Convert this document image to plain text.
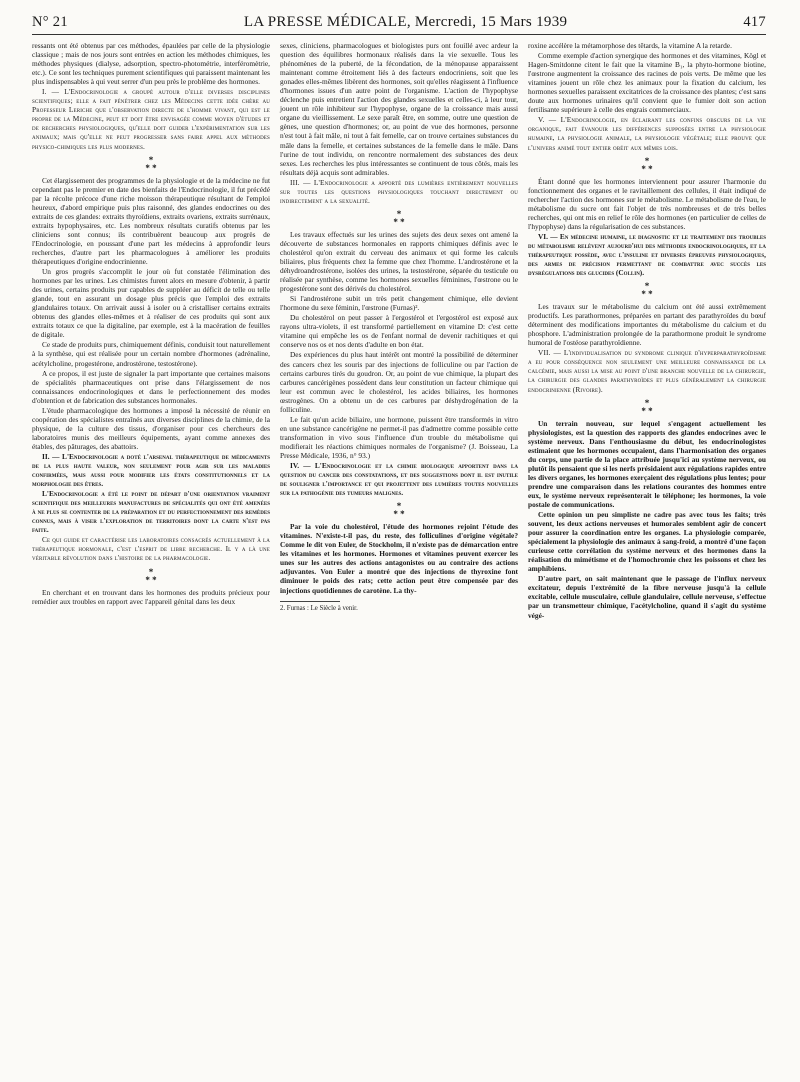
N° 21	LA PRESSE MÉDICALE, Mercredi, 15 Mars 1939	417

ressants ont été obtenus par ces méthodes, épaulées par celle de la physiologie classique ; mais de nos jours sont entrées en action les méthodes chimiques, les méthodes physiques (dialyse, adsorption, spectro-photométrie, interféromètrie, etc.). Ce sont les techniques purement scientifiques qui paraissent maintenant les plus indispensables à qui veut serrer d'un peu près le problème des hormones.

I. — L'Endocrinologie a groupé autour d'elle diverses disciplines scientifiques; elle a fait pénétrer chez les Médecins cette idée chère au Professeur Leriche que l'observation directe de l'homme vivant, qui est le propre de la Médecine, peut et doit être envisagée comme moyen d'études et de recherches physiologiques, qu'elle doit guider l'expérimentation sur les animaux; mais qu'elle ne peut progresser sans faire appel aux méthodes physico-chimiques les plus modernes.

*
* *

Cet élargissement des programmes de la physiologie et de la médecine ne fut cependant pas le premier en date des bienfaits de l'Endocrinologie, il fut précédé par la récolte précoce d'une riche moisson thérapeutique résultant de l'emploi heureux, d'abord empirique puis plus raisonné, des glandes endocrines ou des extraits de ces glandes: extraits thyroïdiens, extraits ovariens, extraits surrénaux, extraits hypophysaires, etc. Les nombreux résultats curatifs obtenus par les cliniciens sont connus; ils contribuèrent beaucoup aux progrès de l'Endocrinologie, en poussant d'une part les médecins à approfondir leurs recherches, d'autre part les pharmacologues à améliorer les produits thérapeutiques d'origine endocrinienne.

Un gros progrès s'accomplit le jour où fut constatée l'élimination des hormones par les urines. Les chimistes furent alors en mesure d'obtenir, à partir des urines, certains produits pur capables de suppléer au déficit de telle ou telle glande, tout en assurant un dosage plus précis que l'emploi des extraits glandulaires totaux. On arrivait aussi à isoler ou à cristalliser certains extraits obtenus des glandes elles-mêmes et à réaliser de ces produits qui sont aux extraits totaux ce que la digitaline, par exemple, est à la macération de feuilles de digitale.

Ce stade de produits purs, chimiquement définis, conduisit tout naturellement à la synthèse, qui est réalisée pour un certain nombre d'hormones (adrénaline, acétylcholine, progestérone, androstérone, testostérone).

A ce propos, il est juste de signaler la part importante que certaines maisons de spécialités pharmaceutiques ont prise dans l'élargissement de nos connaissances endocrinologiques et dans le perfectionnement des modes d'obtention et de fabrication des substances hormonales.

L'étude pharmacologique des hormones a imposé la nécessité de réunir en coopération des spécialistes entraînés aux diverses disciplines de la chimie, de la physique, de la culture des tissus, d'organiser pour ces chercheurs des laboratoires munis des meilleurs équipements, ayant comme annexes des étables, des pâturages, des abattoirs.

II. — L'Endocrinologie a doté l'arsenal thérapeutique de médicaments de la plus haute valeur, non seulement pour agir sur les maladies confirmées, mais aussi pour modifier les états constitutionnels et la morphologie des êtres.

L'Endocrinologie a été le point de départ d'une orientation vraiment scientifique des meilleures manufactures de spécialités qui ont été amenées à ne plus se contenter de la préparation et du perfectionnement des remèdes connus, mais à viser l'exploration de territoires dont la carte n'est pas faite.

Ce qui guide et caractérise les laboratoires consacrés actuellement à la thérapeutique hormonale, c'est l'esprit de libre recherche. Il y a là une véritable révolution dans l'histoire de la pharmacologie.

*
* *

En cherchant et en trouvant dans les hormones des produits précieux pour remédier aux troubles en rapport avec l'appareil génital dans les deux

sexes, cliniciens, pharmacologues et biologistes purs ont fouillé avec ardeur la question des équilibres hormonaux réalisés dans la vie sexuelle. Tous les phénomènes de la puberté, de la fécondation, de la ménopause apparaissent maintenant comme étroitement liés à des facteurs endocriniens, soit que les gonades elles-mêmes libèrent des hormones, soit qu'elles réagissent à l'influence d'hormones issues d'un autre point de l'organisme. L'action de l'hypophyse déclenche puis entretient l'action des glandes sexuelles et celles-ci, à leur tour, jouent un rôle inhibiteur sur l'hypophyse, organe de la croissance mais aussi organe du vieillissement. Le sexe paraît être, en somme, outre une question de gènes, une question d'hormones; or, au point de vue des hormones, personne n'est tout à fait mâle, ni tout à fait femelle, car on trouve certaines substances du mâle dans la femelle, et certaines substances de la femelle dans le mâle. Dans l'urine de tout individu, on rencontre normalement des substances des deux sexes. Les recherches les plus intéressantes se continuent de tous côtés, mais les résultats déjà acquis sont admirables.

III. — L'Endocrinologie a apporté des lumières entièrement nouvelles sur toutes les questions physiologiques touchant directement ou indirectement a la sexualité.

*
* *

Les travaux effectués sur les urines des sujets des deux sexes ont amené la découverte de substances hormonales en rapports chimiques définis avec le cholestérol qu'on extrait du cerveau des animaux et qui forme les calculs biliaires, plus fréquents chez la femme que chez l'homme. L'androstérone et la déhydroandrostérone, isolées des urines, la testostérone, séparée du testicule ou réalisée par synthèse, comme les hormones sexuelles féminines, l'œstrone ou le progestérone sont des dérivés du cholestérol.

Si l'androstérone subit un très petit changement chimique, elle devient l'hormone du sexe féminin, l'œstrone (Furnas)².

Du cholestérol on peut passer à l'ergostérol et l'ergostérol est exposé aux rayons ultra-violets, il est transformé partiellement en vitamine D: c'est cette vitamine qui empêche les os de l'enfant normal de devenir rachitiques et qui conserve nos os et nos dents d'adulte en bon état.

Des expériences du plus haut intérêt ont montré la possibilité de déterminer des cancers chez les souris par des injections de folliculine ou par l'action de certains carbures tirés du goudron. Or, au point de vue chimique, la plupart des carbures cancérigènes possèdent dans leur constitution un facteur chimique qui leur est commun avec le cholestérol, les acides biliaires, les hormones œstrogènes. On a obtenu un de ces carbures par déshydrogénation de la folliculine.

Le fait qu'un acide biliaire, une hormone, puissent être transformés in vitro en une substance cancérigène ne permet-il pas d'admettre comme possible cette transformation in vivo sous l'influence d'un trouble du métabolisme qui modifierait les réactions chimiques normales de l'organisme? (J. Boisseau, La Presse Médicale, 1936, n° 93.)

IV. — L'Endocrinologie et la chimie biologique apportent dans la question du cancer des constatations, et des suggestions dont il est inutile de souligner l'importance et qui projettent des lumières toutes nouvelles sur la pathogénie des tumeurs malignes.

*
* *

Par la voie du cholestérol, l'étude des hormones rejoint l'étude des vitamines. N'existe-t-il pas, du reste, des folliculines d'origine végétale? Comme le dit von Euler, de Stockholm, il n'existe pas de démarcation entre les vitamines et les hormones. Hormones et vitamines peuvent exercer les unes sur les autres des actions antagonistes ou au contraire des actions adjuvantes. Von Euler a montré que des injections de thyroxine font diminuer le poids des rats; cette action peut être compensée par des injections quotidiennes de carotène. La thy-

2. Furnas : Le Siècle à venir.

roxine accélère la métamorphose des têtards, la vitamine A la retarde.

Comme exemple d'action synergique des hormones et des vitamines, Kögl et Hagen-Smitdonne citent le fait que la vitamine B₁, la phyto-hormone biotine, l'œstrone augmentent la croissance des racines de pois verts. De même que les vitamines jouent un rôle chez les animaux pour la fixation du calcium, les hormones sexuelles paraissent excitatrices de la croissance des plantes; c'est sans doute aux hormones urinaires qu'il convient que le fumier doit son action fertilisante supérieure à celle des engrais commerciaux.

V. — L'Endocrinologie, en éclairant les confins obscurs de la vie organique, fait évanouir les différences supposées entre la physiologie humaine, la physiologie animale, la physiologie végétale; elle prouve que l'univers animé tout entier obéit aux mêmes lois.

*
* *

Étant donné que les hormones interviennent pour assurer l'harmonie du fonctionnement des organes et le ravitaillement des cellules, il était indiqué de rechercher l'action des hormones sur le métabolisme. Le métabolisme de l'eau, le métabolisme du sucre ont fait l'objet de très nombreuses et de très belles recherches, qui ont mis en relief le rôle des hormones (en particulier de celles de l'hypophyse) dans la régularisation de ces substances.

VI. — En médecine humaine, le diagnostic et le traitement des troubles du métabolisme relèvent aujourd'hui des méthodes endocrinologiques, et la thérapeutique possède, avec l'insuline et diverses épreuves physiologiques, des armes de précision permettant de combattre avec succès les dysrégulations des glucides (Collin).

*
* *

Les travaux sur le métabolisme du calcium ont été aussi extrêmement productifs. Les parathormones, préparées en partant des parathyroïdes du bœuf déterminent des modifications importantes du métabolisme du calcium et du phosphore. L'administration prolongée de la parathormone produit le syndrome humoral de l'ostéose parathyroïdienne.

VII. — L'individualisation du syndrome clinique d'hyperparathyroïdisme a eu pour conséquence non seulement une meilleure connaissance de la calcémie, mais aussi la mise au point d'une branche nouvelle de la chirurgie, la chirurgie des glandes parathyroïdes et plus généralement la chirurgie endocrinienne (Rivoire).

*
* *

Un terrain nouveau, sur lequel s'engagent actuellement les physiologistes, est la question des rapports des glandes endocrines avec le système nerveux. Dans l'enthousiasme du début, les endocrinologistes estimaient que les hormones occupaient, dans l'harmonisation des organes du corps, une partie de la place attribuée jusqu'ici au système nerveux, ou plutôt ils pensaient que si les nerfs présidaient aux régulations rapides entre les divers organes, les hormones exerçaient des régulations plus lentes; pour prendre une comparaison dans les relations courantes des hommes entre eux, le système nerveux représenterait le téléphone; les hormones, la voie postale de communications.

Cette opinion un peu simpliste ne cadre pas avec tous les faits; très souvent, les deux actions nerveuses et humorales semblent agir de concert pour assurer la coordination entre les organes. La physiologie comparée, spécialement la physiologie des animaux à sang-froid, a montré d'une façon curieuse cette corrélation du système nerveux et des hormones dans la réalisation du mimétisme et de l'homochromie chez les poissons et chez les amphibiens.

D'autre part, on sait maintenant que le passage de l'influx nerveux excitateur, depuis l'extrémité de la fibre nerveuse jusqu'à la cellule excitable, cellule musculaire, cellule glandulaire, cellule nerveuse, s'effectue par un transmetteur chimique, l'acétylcholine, quand il s'agit du système végé-
